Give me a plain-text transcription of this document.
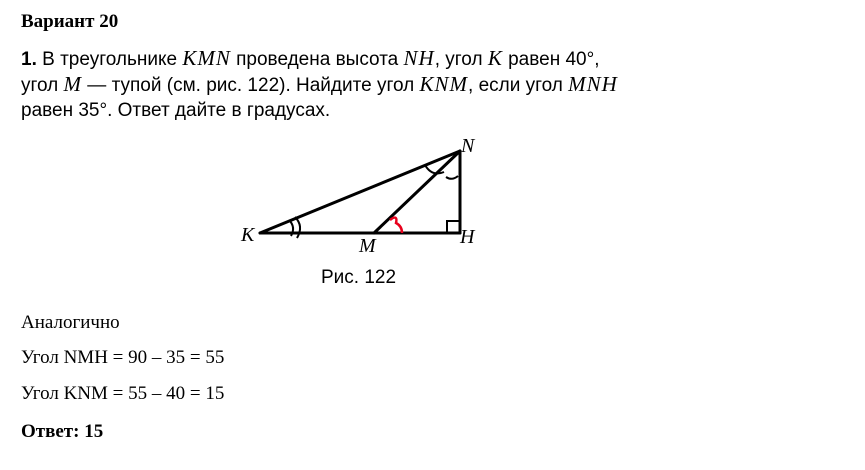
Вариант 20
1. В треугольнике KMN проведена высота NH, угол K равен 40°,
угол M — тупой (см. рис. 122). Найдите угол KNM, если угол MNH
равен 35°. Ответ дайте в градусах.
K	M
N
H
Рис. 122
Аналогично
Угол NMH = 90 – 35 = 55
Угол KNM = 55 – 40 = 15
Ответ: 15
